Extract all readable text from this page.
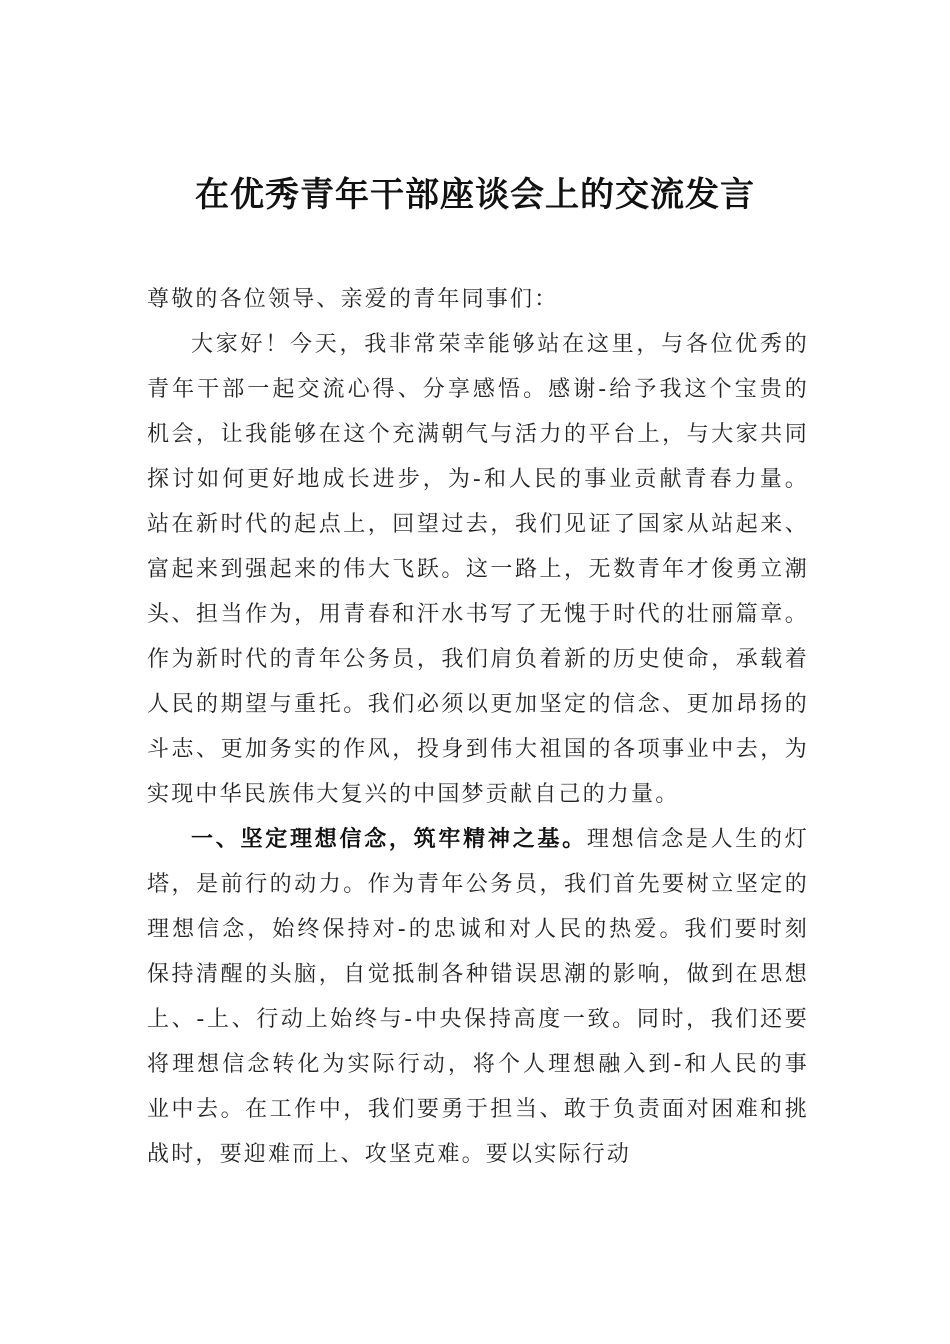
在优秀青年干部座谈会上的交流发言

尊敬的各位领导、亲爱的青年同事们：

大家好！今天，我非常荣幸能够站在这里，与各位优秀的青年干部一起交流心得、分享感悟。感谢-给予我这个宝贵的机会，让我能够在这个充满朝气与活力的平台上，与大家共同探讨如何更好地成长进步，为-和人民的事业贡献青春力量。站在新时代的起点上，回望过去，我们见证了国家从站起来、富起来到强起来的伟大飞跃。这一路上，无数青年才俊勇立潮头、担当作为，用青春和汗水书写了无愧于时代的壮丽篇章。作为新时代的青年公务员，我们肩负着新的历史使命，承载着人民的期望与重托。我们必须以更加坚定的信念、更加昂扬的斗志、更加务实的作风，投身到伟大祖国的各项事业中去，为实现中华民族伟大复兴的中国梦贡献自己的力量。

一、坚定理想信念，筑牢精神之基。理想信念是人生的灯塔，是前行的动力。作为青年公务员，我们首先要树立坚定的理想信念，始终保持对-的忠诚和对人民的热爱。我们要时刻保持清醒的头脑，自觉抵制各种错误思潮的影响，做到在思想上、-上、行动上始终与-中央保持高度一致。同时，我们还要将理想信念转化为实际行动，将个人理想融入到-和人民的事业中去。在工作中，我们要勇于担当、敢于负责面对困难和挑战时，要迎难而上、攻坚克难。要以实际行动
